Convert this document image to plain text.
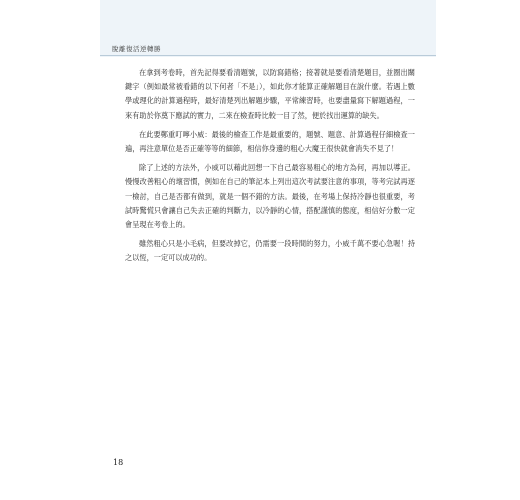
脫離復活逆轉勝

在拿到考卷時，首先記得要看清題號，以防寫錯格；接著就是要看清楚題目，並圈出關鍵字（例如最常被看錯的以下何者「不是」），如此你才能算正確解題目在說什麼。若遇上數學或理化的計算過程時，最好清楚列出解題步驟，平常練習時，也要盡量寫下解題過程，一來有助於你奠下應試的實力，二來在檢查時比較一目了然，便於找出運算的缺失。

在此要鄭重叮嚀小威：最後的檢查工作是最重要的，題號、題意、計算過程仔細檢查一遍，再注意單位是否正確等等的細節，相信你身邊的粗心大魔王很快就會消失不見了！

除了上述的方法外，小威可以藉此回想一下自己最容易粗心的地方為何，再加以導正。慢慢改善粗心的壞習慣，例如在自己的筆記本上列出這次考試要注意的事項，等考完試再逐一檢討，自己是否都有做到，就是一個不錯的方法。最後，在考場上保持冷靜也很重要，考試時驚慌只會讓自己失去正確的判斷力，以冷靜的心情，搭配謹慎的態度，相信好分數一定會呈現在考卷上的。

雖然粗心只是小毛病，但要改掉它，仍需要一段時間的努力，小威千萬不要心急喔！持之以恆，一定可以成功的。

18
